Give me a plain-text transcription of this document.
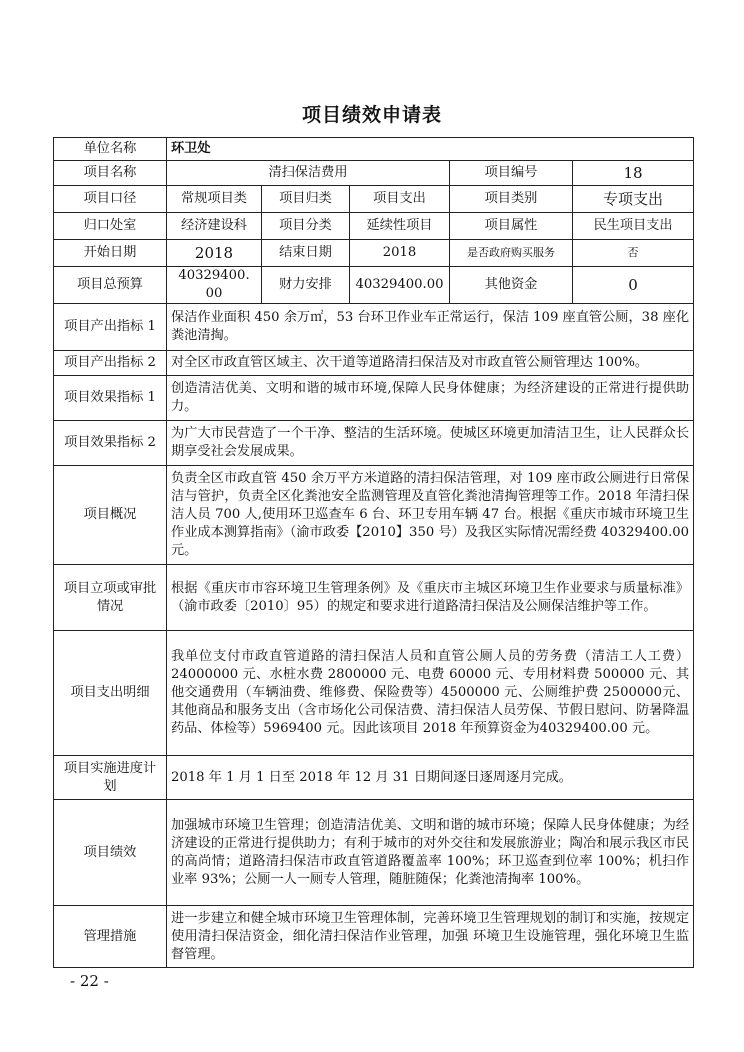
项目绩效申请表
单位名称	环卫处				
项目名称	清扫保洁费用			项目编号	18
项目口径	常规项目类	项目归类	项目支出	项目类别	专项支出
归口处室	经济建设科	项目分类	延续性项目	项目属性	民生项目支出
开始日期	2018	结束日期	2018	是否政府购买服务	否
项目总预算	40329400. 00	财力安排	40329400.00	其他资金	0
项目产出指标 1	保洁作业面积 450 余万㎡，53 台环卫作业车正常运行，保洁 109 座直管公厕，38 座化粪池清掏。				
项目产出指标 2	对全区市政直管区域主、次干道等道路清扫保洁及对市政直管公厕管理达 100%。				
项目效果指标 1	创造清洁优美、文明和谐的城市环境,保障人民身体健康；为经济建设的正常进行提供助力。				
项目效果指标 2	为广大市民营造了一个干净、整洁的生活环境。使城区环境更加清洁卫生，让人民群众长期享受社会发展成果。				
项目概况	负责全区市政直管 450 余万平方米道路的清扫保洁管理，对 109 座市政公厕进行日常保洁与管护，负责全区化粪池安全监测管理及直管化粪池清掏管理等工作。2018 年清扫保洁人员 700 人,使用环卫巡查车 6 台、环卫专用车辆 47 台。根据《重庆市城市环境卫生作业成本测算指南》（渝市政委【2010】350 号）及我区实际情况需经费 40329400.00 元。				
项目立项或审批情况	根据《重庆市市容环境卫生管理条例》及《重庆市主城区环境卫生作业要求与质量标准》（渝市政委〔2010〕95）的规定和要求进行道路清扫保洁及公厕保洁维护等工作。				
项目支出明细	我单位支付市政直管道路的清扫保洁人员和直管公厕人员的劳务费（清洁工人工费）24000000 元、水桩水费 2800000 元、电费 60000 元、专用材料费 500000 元、其他交通费用（车辆油费、维修费、保险费等）4500000 元、公厕维护费 2500000元、其他商品和服务支出（含市场化公司保洁费、清扫保洁人员劳保、节假日慰问、防暑降温药品、体检等）5969400 元。因此该项目 2018 年预算资金为40329400.00 元。				
项目实施进度计划	2018 年 1 月 1 日至 2018 年 12 月 31 日期间逐日逐周逐月完成。				
项目绩效	加强城市环境卫生管理；创造清洁优美、文明和谐的城市环境；保障人民身体健康；为经济建设的正常进行提供助力；有利于城市的对外交往和发展旅游业；陶冶和展示我区市民的高尚情；道路清扫保洁市政直管道路覆盖率 100%；环卫巡查到位率 100%；机扫作业率 93%；公厕一人一厕专人管理，随脏随保；化粪池清掏率 100%。				
管理措施	进一步建立和健全城市环境卫生管理体制，完善环境卫生管理规划的制订和实施，按规定使用清扫保洁资金，细化清扫保洁作业管理，加强 环境卫生设施管理，强化环境卫生监督管理。				
- 22 -
